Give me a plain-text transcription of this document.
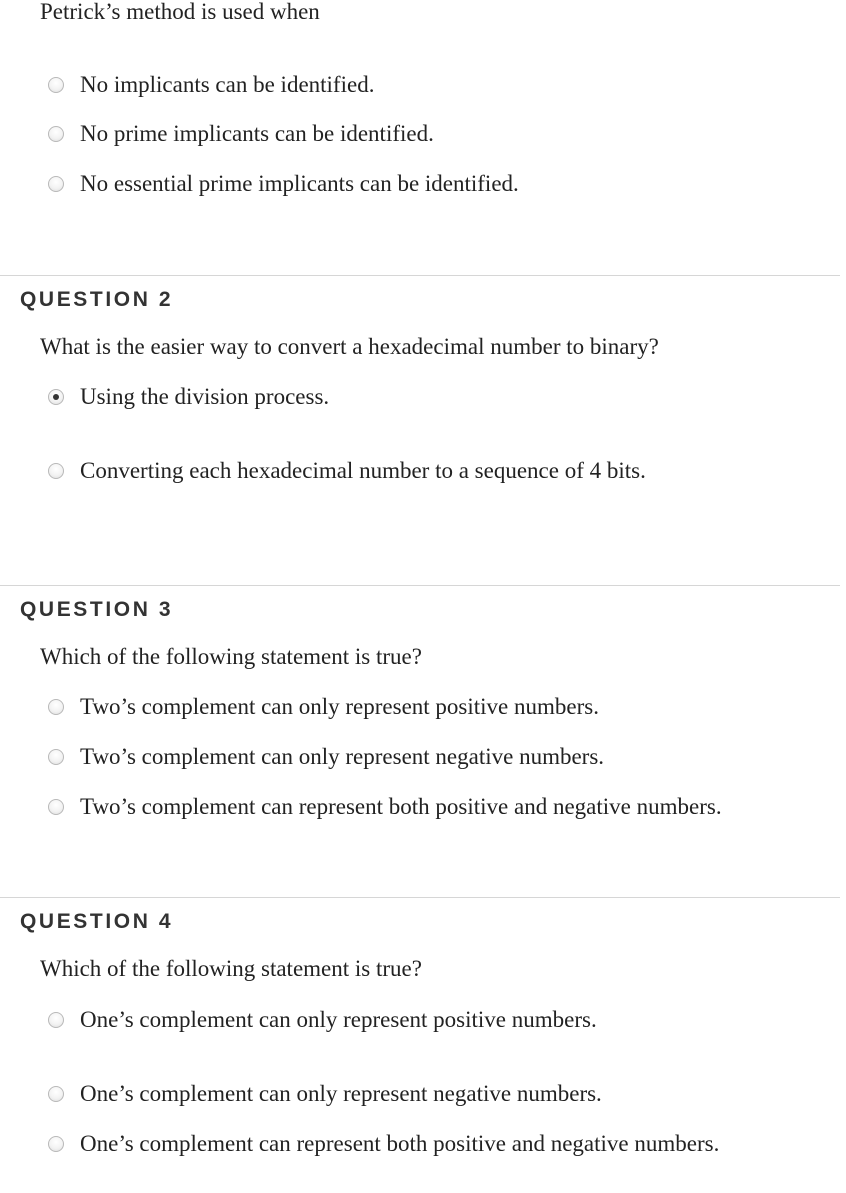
Petrick’s method is used when
No implicants can be identified.
No prime implicants can be identified.
No essential prime implicants can be identified.
QUESTION 2
What is the easier way to convert a hexadecimal number to binary?
Using the division process.
Converting each hexadecimal number to a sequence of 4 bits.
QUESTION 3
Which of the following statement is true?
Two’s complement can only represent positive numbers.
Two’s complement can only represent negative numbers.
Two’s complement can represent both positive and negative numbers.
QUESTION 4
Which of the following statement is true?
One’s complement can only represent positive numbers.
One’s complement can only represent negative numbers.
One’s complement can represent both positive and negative numbers.
